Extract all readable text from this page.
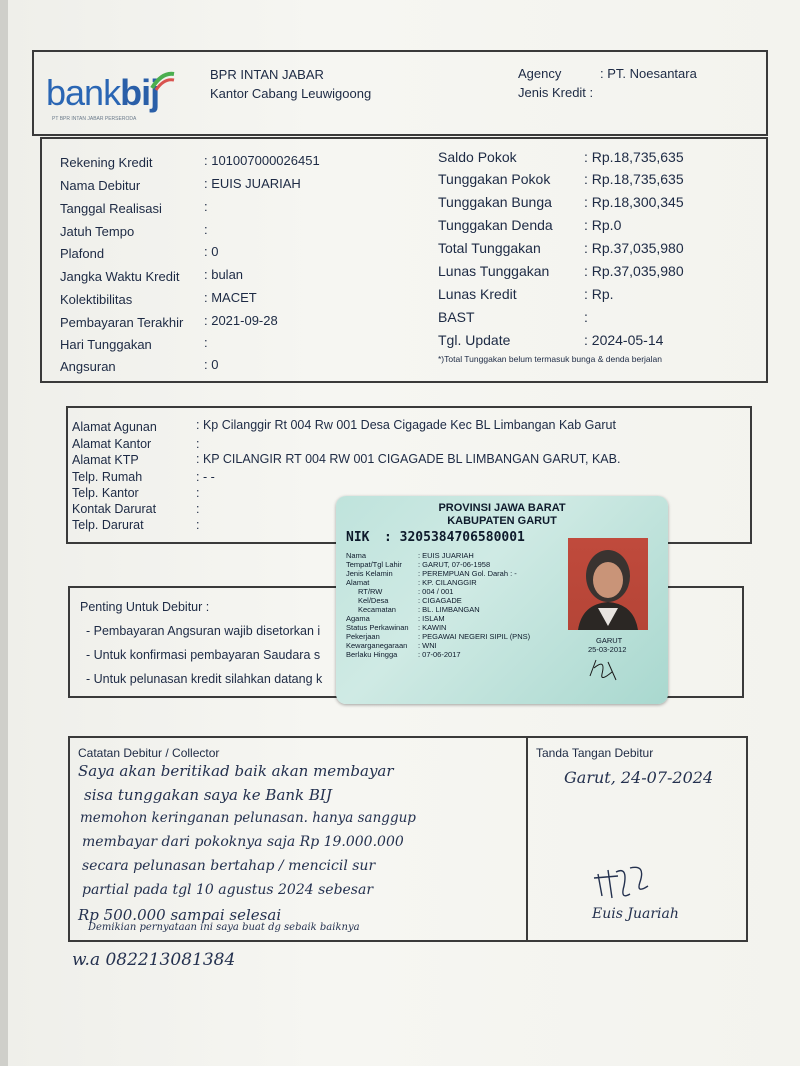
bankbij
PT BPR INTAN JABAR PERSERODA
BPR INTAN JABAR
Kantor Cabang Leuwigoong
Agency	: PT. Noesantara
Jenis Kredit :
Rekening Kredit	: 101007000026451
Nama Debitur	: EUIS JUARIAH
Tanggal Realisasi	:
Jatuh Tempo	:
Plafond	: 0
Jangka Waktu Kredit : bulan
Kolektibilitas	: MACET
Pembayaran Terakhir : 2021-09-28
Hari Tunggakan	:
Angsuran	: 0
Saldo Pokok	: Rp.18,735,635
Tunggakan Pokok : Rp.18,735,635
Tunggakan Bunga : Rp.18,300,345
Tunggakan Denda : Rp.0
Total Tunggakan	: Rp.37,035,980
Lunas Tunggakan : Rp.37,035,980
Lunas Kredit	: Rp.
BAST	:
Tgl. Update	: 2024-05-14
*)Total Tunggakan belum termasuk bunga & denda berjalan
Alamat Agunan	: Kp Cilanggir Rt 004 Rw 001 Desa Cigagade Kec BL Limbangan Kab Garut
Alamat Kantor	:
Alamat KTP	: KP CILANGIR RT 004 RW 001 CIGAGADE BL LIMBANGAN GARUT, KAB.
Telp. Rumah	: - -
Telp. Kantor	:
Kontak Darurat	:
Telp. Darurat	:
Penting Untuk Debitur :
- Pembayaran Angsuran wajib disetorkan i
- Untuk konfirmasi pembayaran Saudara s
- Untuk pelunasan kredit silahkan datang k
Catatan Debitur / Collector	Tanda Tangan Debitur
Saya akan beritikad baik akan membayar
sisa tunggakan saya ke Bank BIJ
memohon keringanan pelunasan. hanya sanggup
membayar dari pokoknya saja Rp 19.000.000
secara pelunasan bertahap / mencicil sur
partial pada tgl 10 agustus 2024 sebesar
Rp 500.000 sampai selesai
Demikian pernyataan ini saya buat dg sebaik baiknya
Garut, 24-07-2024
Euis Juariah
w.a 082213081384
PROVINSI JAWA BARAT
KABUPATEN GARUT
NIK : 3205384706580001
Nama	: EUIS JUARIAH
Tempat/Tgl Lahir : GARUT, 07-06-1958
Jenis Kelamin	: PEREMPUAN Gol. Darah : -
Alamat	: KP. CILANGGIR
RT/RW	: 004 / 001
Kel/Desa	: CIGAGADE
Kecamatan	: BL. LIMBANGAN
Agama	: ISLAM
Status Perkawinan : KAWIN
Pekerjaan	: PEGAWAI NEGERI SIPIL (PNS)
Kewarganegaraan : WNI
Berlaku Hingga	: 07-06-2017
GARUT
25-03-2012
